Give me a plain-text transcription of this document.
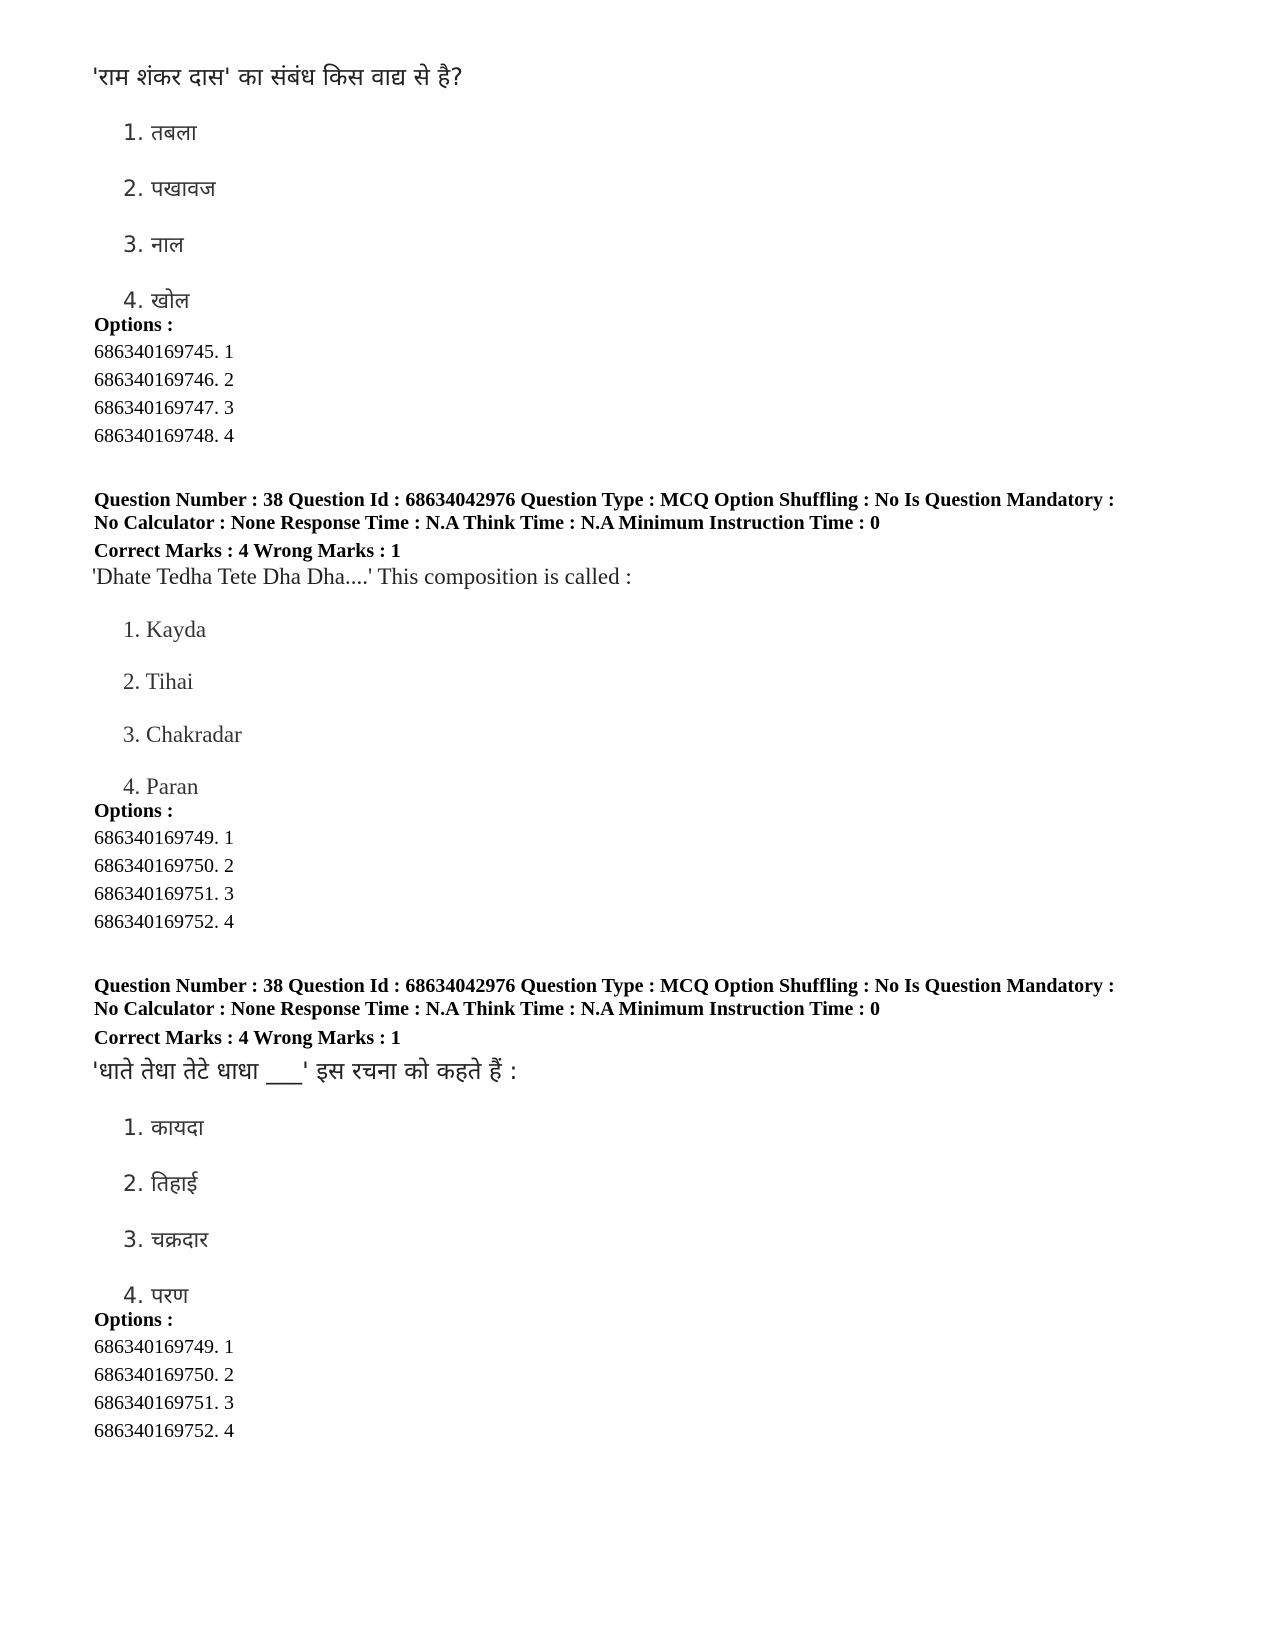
'राम शंकर दास' का संबंध किस वाद्य से है?
1. तबला
2. पखावज
3. नाल
4. खोल
Options :
686340169745. 1
686340169746. 2
686340169747. 3
686340169748. 4
Question Number : 38 Question Id : 68634042976 Question Type : MCQ Option Shuffling : No Is Question Mandatory :
No Calculator : None Response Time : N.A Think Time : N.A Minimum Instruction Time : 0
Correct Marks : 4 Wrong Marks : 1
'Dhate Tedha Tete Dha Dha....' This composition is called :
1. Kayda
2. Tihai
3. Chakradar
4. Paran
Options :
686340169749. 1
686340169750. 2
686340169751. 3
686340169752. 4
Question Number : 38 Question Id : 68634042976 Question Type : MCQ Option Shuffling : No Is Question Mandatory :
No Calculator : None Response Time : N.A Think Time : N.A Minimum Instruction Time : 0
Correct Marks : 4 Wrong Marks : 1
'धाते तेधा तेटे धाधा ___' इस रचना को कहते हैं :
1. कायदा
2. तिहाई
3. चक्रदार
4. परण
Options :
686340169749. 1
686340169750. 2
686340169751. 3
686340169752. 4
